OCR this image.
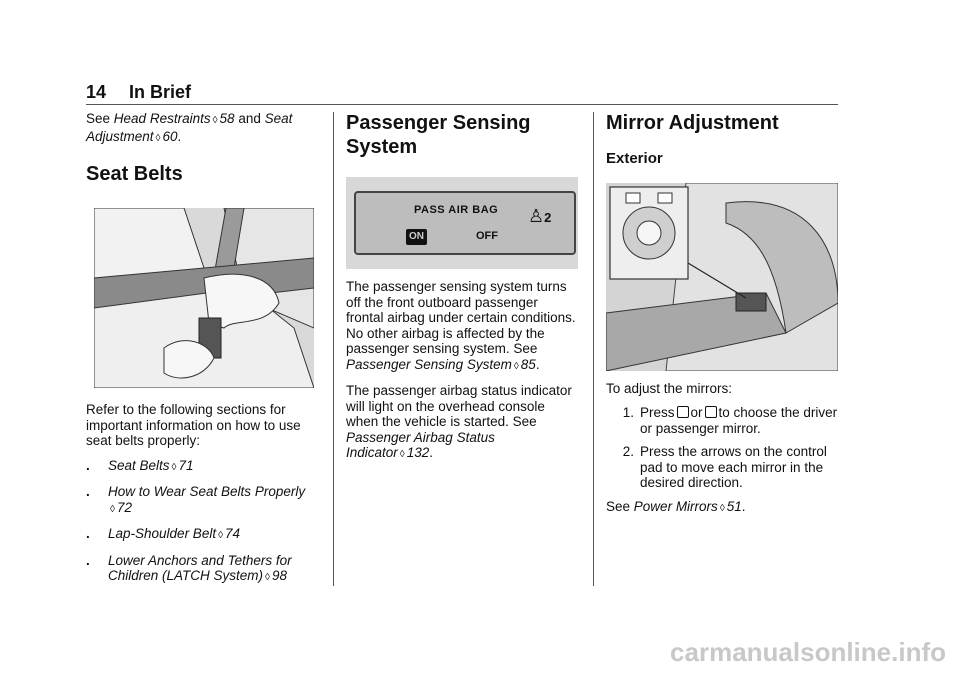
14 In Brief

See Head Restraints ◊ 58 and Seat Adjustment ◊ 60.

Seat Belts

Refer to the following sections for important information on how to use seat belts properly:

.	Seat Belts ◊ 71
.	How to Wear Seat Belts Properly
◊ 72
.	Lap-Shoulder Belt ◊ 74
.	Lower Anchors and Tethers for Children (LATCH System) ◊ 98
Passenger Sensing System
PASS AIR BAG
ON	OFF
♙2

The passenger sensing system turns off the front outboard passenger frontal airbag under certain conditions. No other airbag is affected by the passenger sensing system. See Passenger Sensing System ◊ 85.

The passenger airbag status indicator will light on the overhead console when the vehicle is started. See Passenger Airbag Status Indicator ◊ 132.

Mirror Adjustment
Exterior

To adjust the mirrors:

1. Press or to choose the driver or passenger mirror.
2. Press the arrows on the control pad to move each mirror in the desired direction.

See Power Mirrors ◊ 51.

carmanualsonline.info
